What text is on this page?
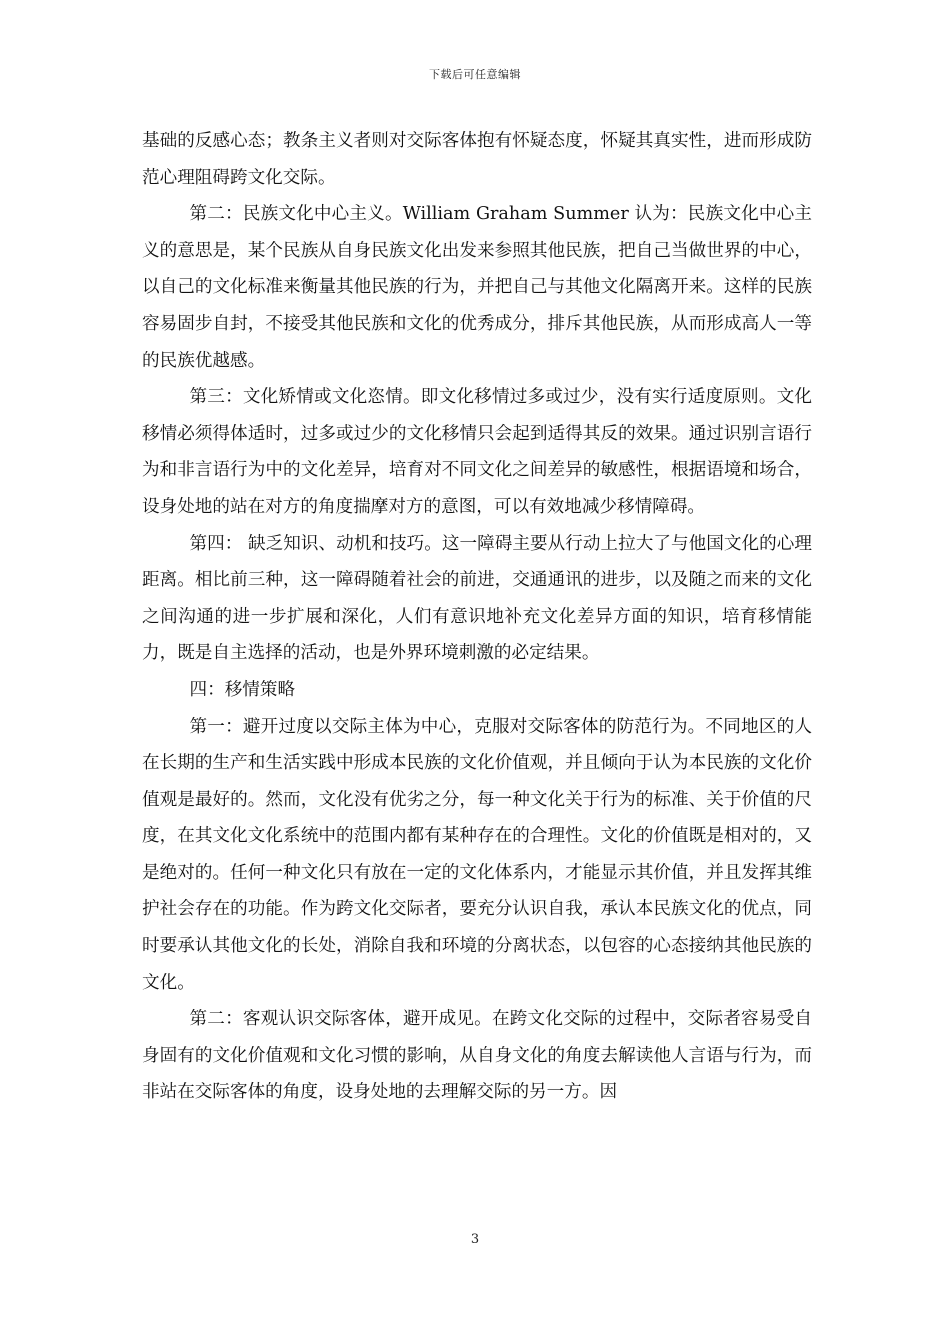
下载后可任意编辑

基础的反感心态；教条主义者则对交际客体抱有怀疑态度，怀疑其真实性，进而形成防范心理阻碍跨文化交际。

第二：民族文化中心主义。William Graham Summer 认为：民族文化中心主义的意思是，某个民族从自身民族文化出发来参照其他民族，把自己当做世界的中心，以自己的文化标准来衡量其他民族的行为，并把自己与其他文化隔离开来。这样的民族容易固步自封，不接受其他民族和文化的优秀成分，排斥其他民族，从而形成高人一等的民族优越感。

第三：文化矫情或文化恣情。即文化移情过多或过少，没有实行适度原则。文化移情必须得体适时，过多或过少的文化移情只会起到适得其反的效果。通过识别言语行为和非言语行为中的文化差异，培育对不同文化之间差异的敏感性，根据语境和场合，设身处地的站在对方的角度揣摩对方的意图，可以有效地减少移情障碍。

第四： 缺乏知识、动机和技巧。这一障碍主要从行动上拉大了与他国文化的心理距离。相比前三种，这一障碍随着社会的前进，交通通讯的进步，以及随之而来的文化之间沟通的进一步扩展和深化，人们有意识地补充文化差异方面的知识，培育移情能力，既是自主选择的活动，也是外界环境刺激的必定结果。

四：移情策略

第一：避开过度以交际主体为中心，克服对交际客体的防范行为。不同地区的人在长期的生产和生活实践中形成本民族的文化价值观，并且倾向于认为本民族的文化价值观是最好的。然而，文化没有优劣之分，每一种文化关于行为的标准、关于价值的尺度，在其文化文化系统中的范围内都有某种存在的合理性。文化的价值既是相对的，又是绝对的。任何一种文化只有放在一定的文化体系内，才能显示其价值，并且发挥其维护社会存在的功能。作为跨文化交际者，要充分认识自我，承认本民族文化的优点，同时要承认其他文化的长处，消除自我和环境的分离状态，以包容的心态接纳其他民族的文化。

第二：客观认识交际客体，避开成见。在跨文化交际的过程中，交际者容易受自身固有的文化价值观和文化习惯的影响，从自身文化的角度去解读他人言语与行为，而非站在交际客体的角度，设身处地的去理解交际的另一方。因

3
